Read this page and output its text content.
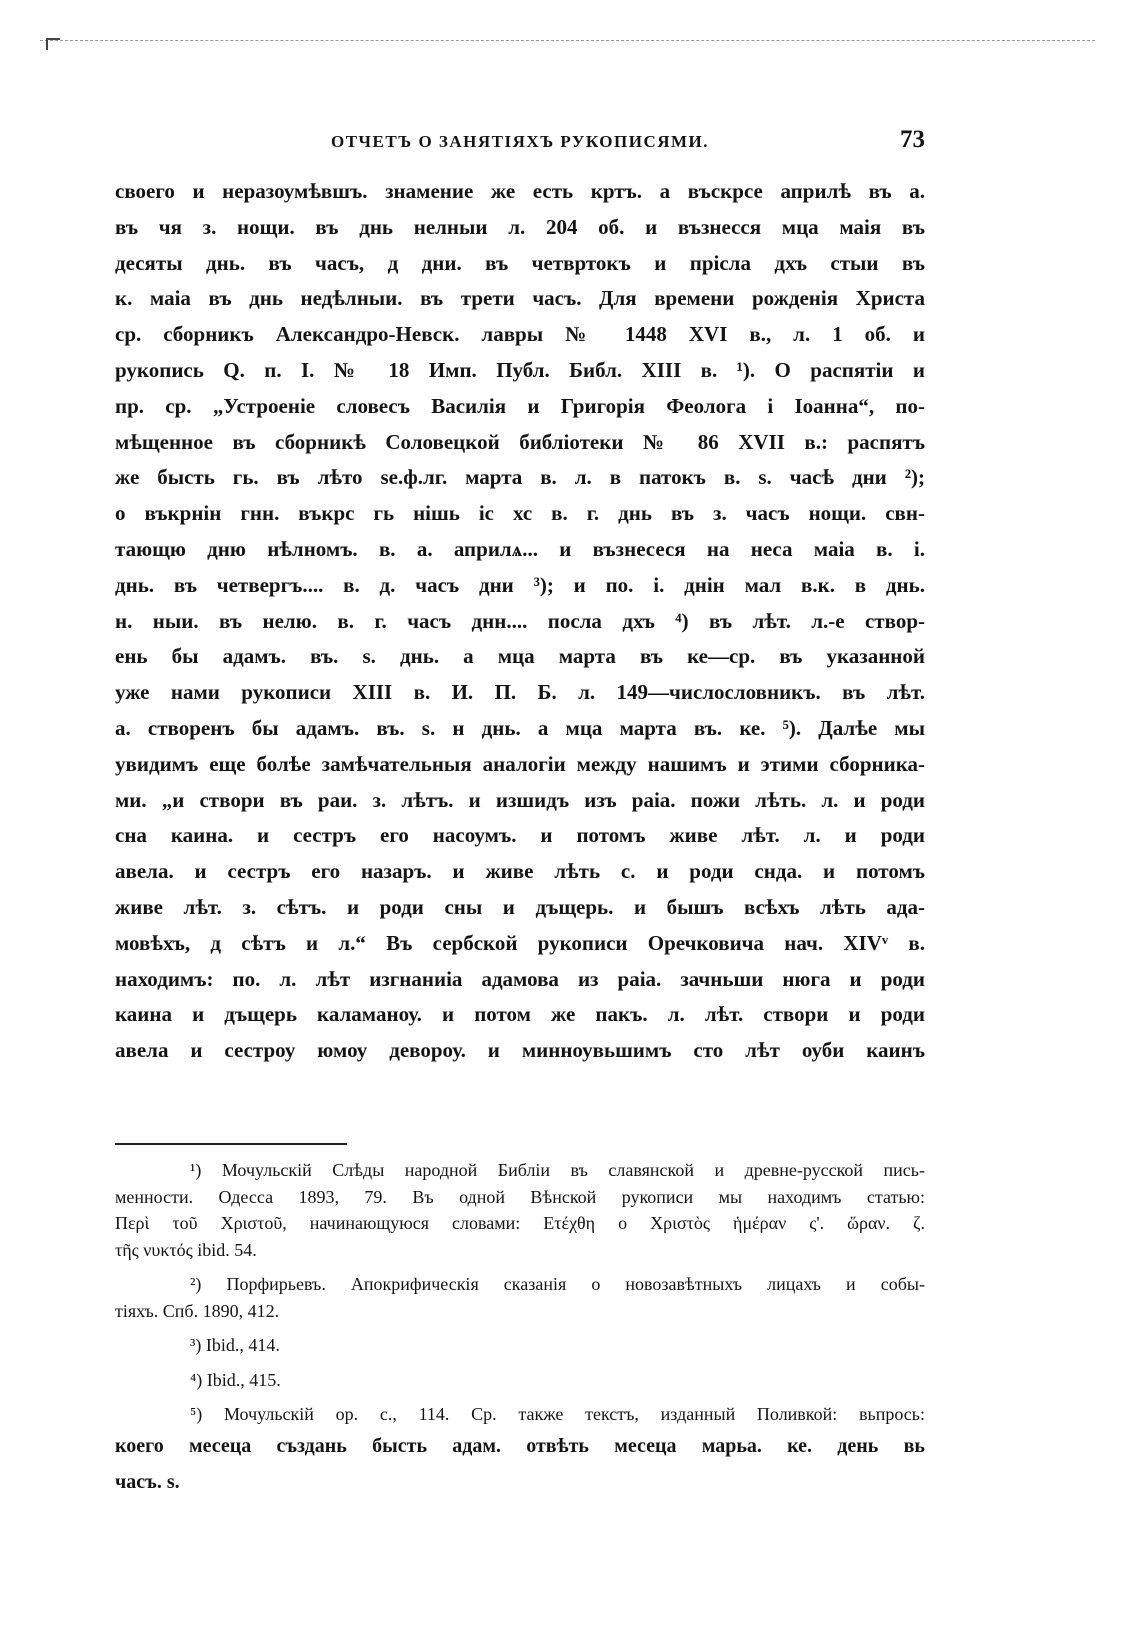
ОТЧЕТЪ О ЗАНЯТІЯХЪ РУКОПИСЯМИ.	73
своего и неразоумѣвшъ. знамение же есть кртъ. а въскрсе априлѣ въ а.
въ чя з. нощи. въ днь нелныи л. 204 об. и възнесся мца маія въ
десяты днь. въ часъ, д дни. въ четвртокъ и прісла дхъ стыи въ
к. маіа въ днь недѣлныи. въ трети часъ. Для времени рожденія Христа
ср. сборникъ Александро-Невск. лавры № 1448 XVI в., л. 1 об. и
рукопись Q. п. I. № 18 Имп. Публ. Библ. XIII в. ¹). О распятіи и
пр. ср. „Устроеніе словесъ Василія и Григорія Феолога і Іоанна“, по-
мѣщенное въ сборникѣ Соловецкой библіотеки № 86 XVII в.: распятъ
же бысть гь. въ лѣто ѕе.ф.лг. марта в. л. в патокъ в. ѕ. часѣ дни ²);
о въкрнін гнн. въкрс гь нішь іс хс в. г. днь въ з. часъ нощи. свн-
тающю дню нѣлномъ. в. а. априлѧ... и възнесеся на неса маіа в. і.
днь. въ четвергъ.... в. д. часъ дни ³); и по. і. днін мал в.к. в днь.
н. ныи. въ нелю. в. г. часъ днн.... посла дхъ ⁴) въ лѣт. л.-е створ-
ень бы адамъ. въ. ѕ. днь. а мца марта въ ке—ср. въ указанной
уже нами рукописи XIII в. И. П. Б. л. 149—числословникъ. въ лѣт.
а. створенъ бы адамъ. въ. ѕ. н днь. а мца марта въ. ке. ⁵). Далѣе мы
увидимъ еще болѣе замѣчательныя аналогіи между нашимъ и этими сборника-
ми. „и створи въ раи. з. лѣтъ. и изшидъ изъ раіа. пожи лѣть. л. и роди
сна каина. и сестръ его насоумъ. и потомъ живе лѣт. л. и роди
авела. и сестръ его назаръ. и живе лѣть с. и роди снда. и потомъ
живе лѣт. з. сѣтъ. и роди сны и дъщерь. и бышъ всѣхъ лѣть ада-
мовѣхъ, д сѣтъ и л.“ Въ сербской рукописи Оречковича нач. XIVᵛ в.
находимъ: по. л. лѣт изгнаниіа адамова из раіа. зачньши нюга и роди
каина и дъщерь каламаноу. и потом же пакъ. л. лѣт. створи и роди
авела и сестроу юмоу девороу. и минноувьшимъ сто лѣт оуби каинъ
¹) Мочульскій Слѣды народной Библіи въ славянской и древне-русской пись-
менности. Одесса 1893, 79. Въ одной Вѣнской рукописи мы находимъ статью:
Περὶ τοῦ Χριστοῦ, начинающуюся словами: Ετέχθη ο Χριστὸς ἡμέραν ς'. ὥραν. ζ.
τῆς νυκτός ibid. 54.
²) Порфирьевъ. Апокрифическія сказанія о новозавѣтныхъ лицахъ и собы-
тіяхъ. Спб. 1890, 412.
³) Ibid., 414.
⁴) Ibid., 415.
⁵) Мочульскій ор. с., 114. Ср. также текстъ, изданный Поливкой: вьпрось:
коего месеца създань бысть адам. отвѣть месеца марьа. ке. день вь
часъ. ѕ.
